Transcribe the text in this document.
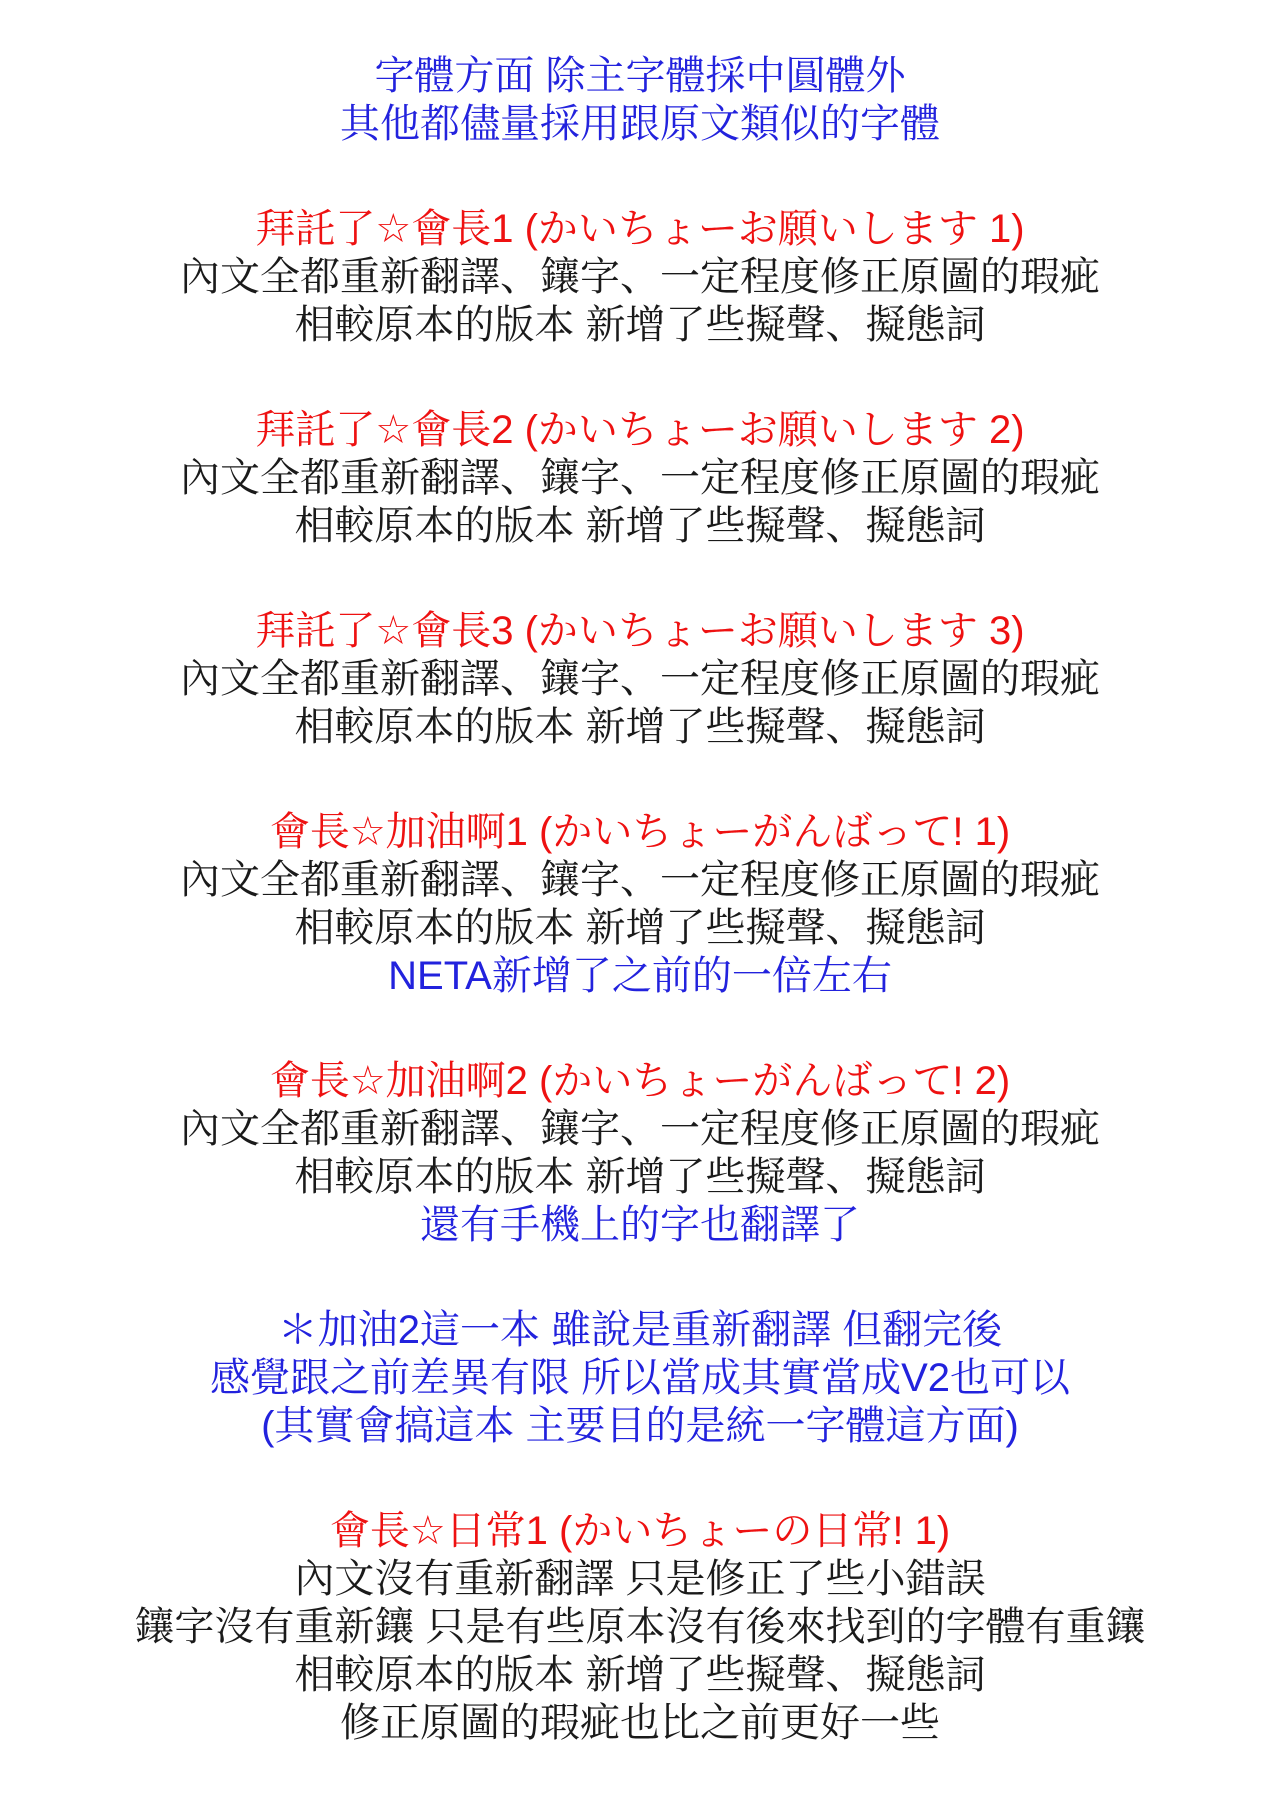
字體方面 除主字體採中圓體外
其他都儘量採用跟原文類似的字體
拜託了☆會長1 (かいちょーお願いします 1)
內文全都重新翻譯、鑲字、一定程度修正原圖的瑕疵
相較原本的版本 新增了些擬聲、擬態詞
拜託了☆會長2 (かいちょーお願いします 2)
內文全都重新翻譯、鑲字、一定程度修正原圖的瑕疵
相較原本的版本 新增了些擬聲、擬態詞
拜託了☆會長3 (かいちょーお願いします 3)
內文全都重新翻譯、鑲字、一定程度修正原圖的瑕疵
相較原本的版本 新增了些擬聲、擬態詞
會長☆加油啊1 (かいちょーがんばって! 1)
內文全都重新翻譯、鑲字、一定程度修正原圖的瑕疵
相較原本的版本 新增了些擬聲、擬態詞
NETA新增了之前的一倍左右
會長☆加油啊2 (かいちょーがんばって! 2)
內文全都重新翻譯、鑲字、一定程度修正原圖的瑕疵
相較原本的版本 新增了些擬聲、擬態詞
還有手機上的字也翻譯了
＊加油2這一本 雖說是重新翻譯 但翻完後
感覺跟之前差異有限 所以當成其實當成V2也可以
(其實會搞這本 主要目的是統一字體這方面)
會長☆日常1 (かいちょーの日常! 1)
內文沒有重新翻譯 只是修正了些小錯誤
鑲字沒有重新鑲 只是有些原本沒有後來找到的字體有重鑲
相較原本的版本 新增了些擬聲、擬態詞
修正原圖的瑕疵也比之前更好一些
